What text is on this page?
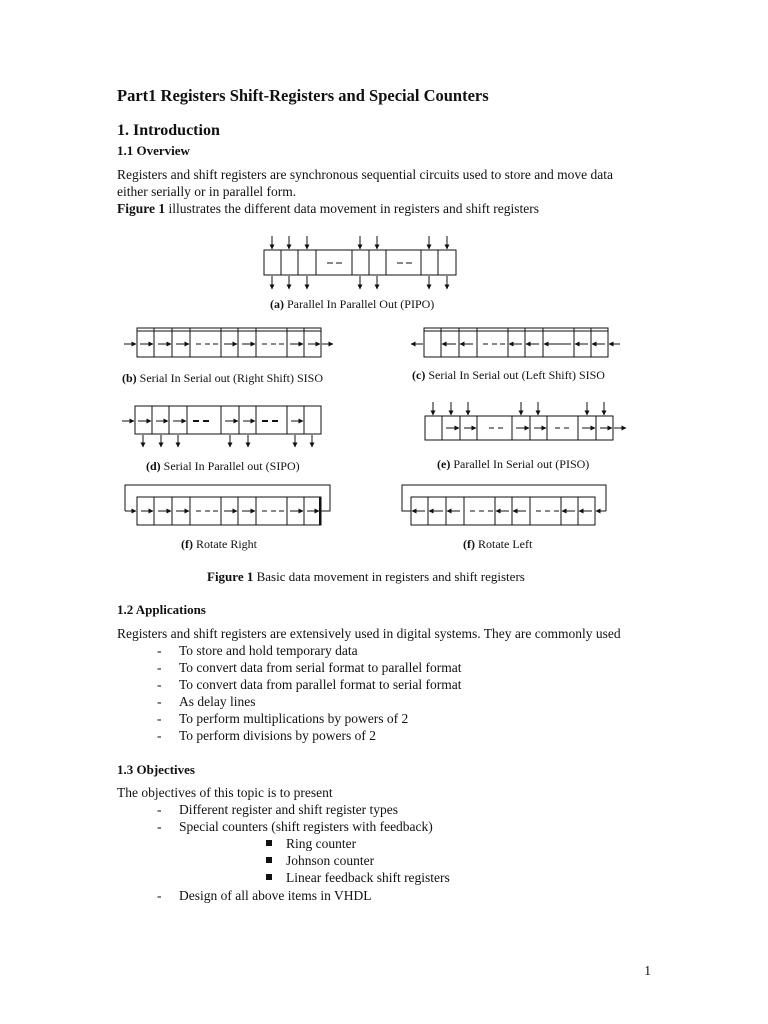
Part1 Registers Shift-Registers and Special Counters
1. Introduction
1.1 Overview
Registers and shift registers are synchronous sequential circuits used to store and move data
either serially or in parallel form.
Figure 1 illustrates the different data movement in registers and shift registers
(a) Parallel In Parallel Out (PIPO)
(b) Serial In Serial out (Right Shift) SISO	(c) Serial In Serial out (Left Shift) SISO
(d) Serial In Parallel out (SIPO)	(e) Parallel In Serial out (PISO)
(f) Rotate Right	(f) Rotate Left
Figure 1 Basic data movement in registers and shift registers
1.2 Applications
Registers and shift registers are extensively used in digital systems. They are commonly used
- To store and hold temporary data
- To convert data from serial format to parallel format
- To convert data from parallel format to serial format
- As delay lines
- To perform multiplications by powers of 2
- To perform divisions by powers of 2
1.3 Objectives
The objectives of this topic is to present
- Different register and shift register types
- Special counters (shift registers with feedback)
Ring counter
Johnson counter
Linear feedback shift registers
- Design of all above items in VHDL
1
